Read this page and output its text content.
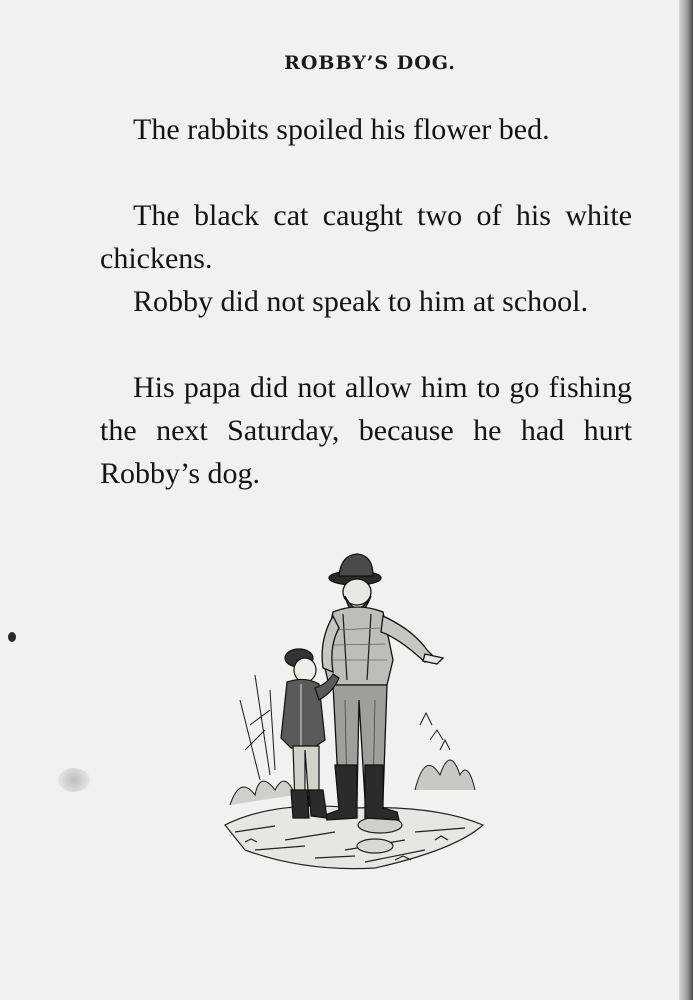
ROBBY’S DOG.

The rabbits spoiled his flower bed.

The black cat caught two of his white chickens.

Robby did not speak to him at school.

His papa did not allow him to go fishing the next Saturday, because he had hurt Robby’s dog.
